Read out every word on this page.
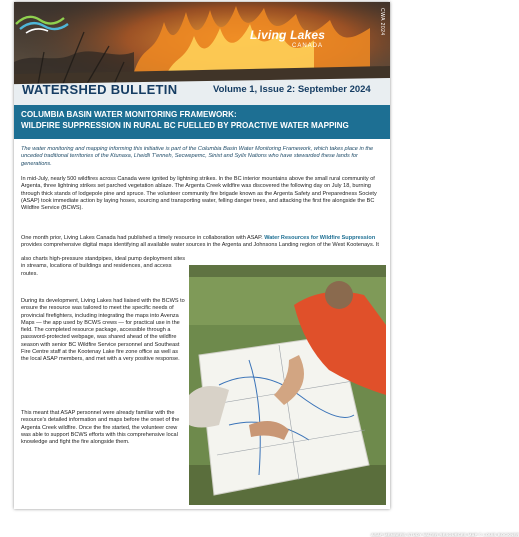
Living Lakes
CANADA
CWA 2024
WATERSHED BULLETIN	Volume 1, Issue 2: September 2024
COLUMBIA BASIN WATER MONITORING FRAMEWORK:
WILDFIRE SUPPRESSION IN RURAL BC FUELLED BY PROACTIVE WATER MAPPING

The water monitoring and mapping informing this initiative is part of the Columbia Basin Water Monitoring Framework, which takes place in the unceded traditional territories of the Ktunaxa, Lheidli T'enneh, Secwepemc, Sinixt and Syilx Nations who have stewarded these lands for generations.

In mid-July, nearly 500 wildfires across Canada were ignited by lightning strikes. In the BC interior mountains above the small rural community of Argenta, three lightning strikes set parched vegetation ablaze. The Argenta Creek wildfire was discovered the following day on July 18, burning through thick stands of lodgepole pine and spruce. The volunteer community fire brigade known as the Argenta Safety and Preparedness Society (ASAP) took immediate action by laying hoses, sourcing and transporting water, felling danger trees, and attacking the first fire alongside the BC Wildfire Service (BCWS).

One month prior, Living Lakes Canada had published a timely resource in collaboration with ASAP. Water Resources for Wildfire Suppression provides comprehensive digital maps identifying all available water sources in the Argenta and Johnsons Landing region of the West Kootenays. It

also charts high-pressure standpipes, ideal pump deployment sites in streams, locations of buildings and residences, and access routes.

During its development, Living Lakes had liaised with the BCWS to ensure the resource was tailored to meet the specific needs of provincial firefighters, including integrating the maps into Avenza Maps — the app used by BCWS crews — for practical use in the field. The completed resource package, accessible through a password-protected webpage, was shared ahead of the wildfire season with senior BC Wildfire Service personnel and Southeast Fire Centre staff at the Kootenay Lake fire zone office as well as the local ASAP members, and met with a very positive response.

This meant that ASAP personnel were already familiar with the resource's detailed information and maps before the onset of the Argenta Creek wildfire. Once the fire started, the volunteer crew was able to support BCWS efforts with this comprehensive local knowledge and fight the fire alongside them.

ASAP MEMBERS STUDY WATER RESOURCES MAP © LOUIS BOCKNER
